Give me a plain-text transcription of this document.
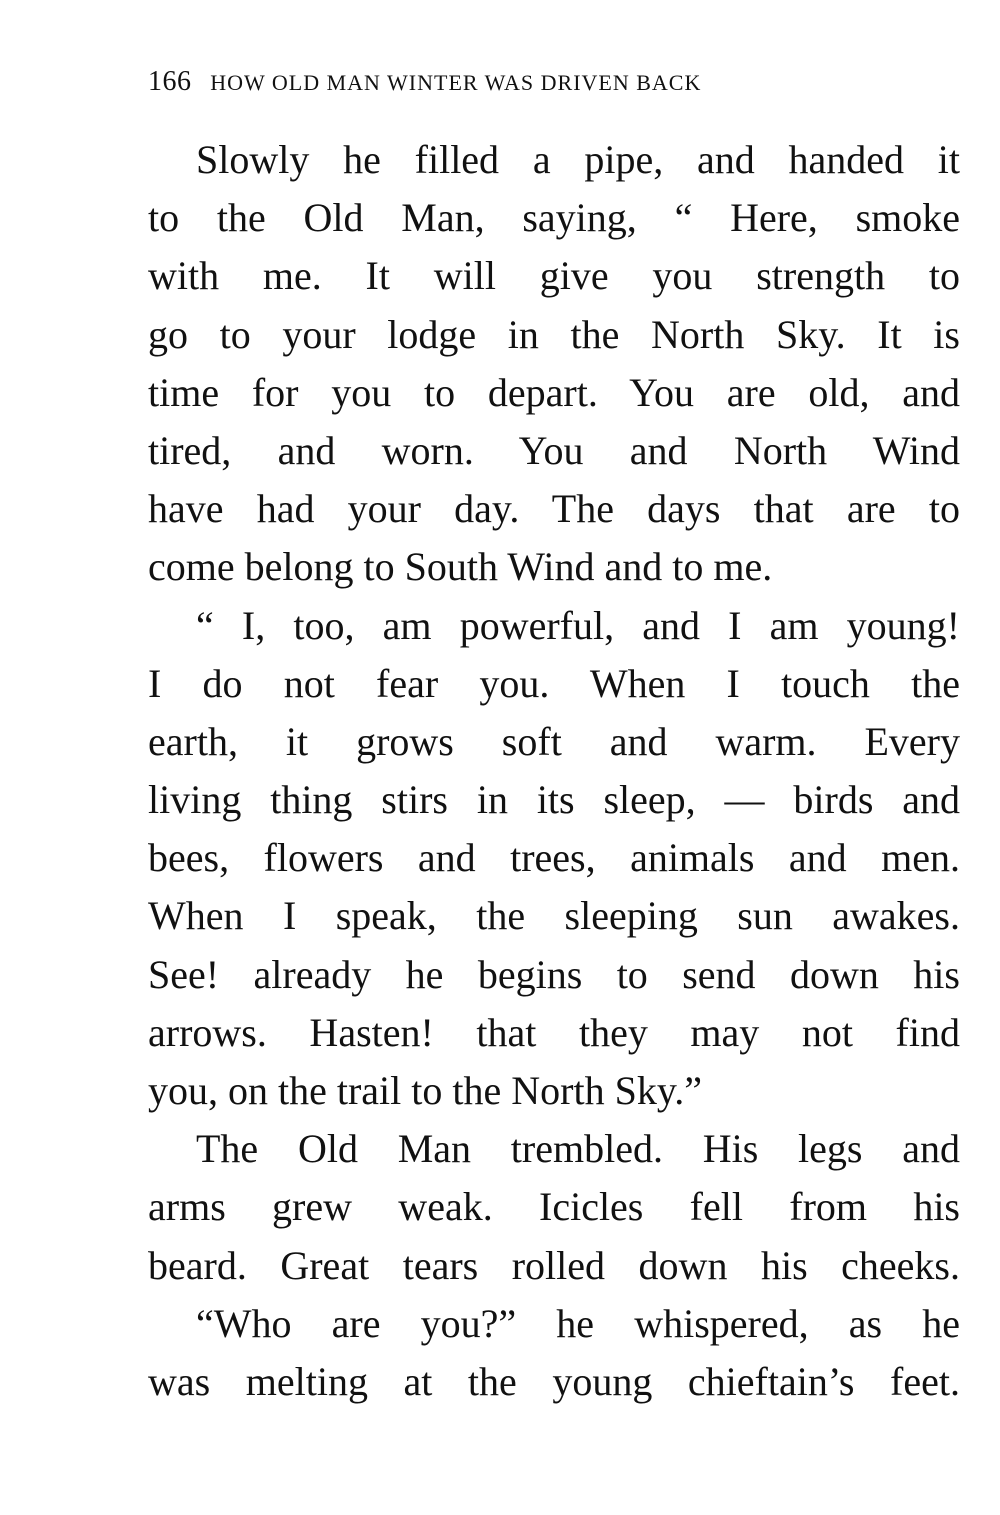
166 HOW OLD MAN WINTER WAS DRIVEN BACK
Slowly he filled a pipe, and handed it
to the Old Man, saying, “ Here, smoke
with me. It will give you strength to
go to your lodge in the North Sky. It is
time for you to depart. You are old, and
tired, and worn. You and North Wind
have had your day. The days that are to
come belong to South Wind and to me.
“ I, too, am powerful, and I am young!
I do not fear you. When I touch the
earth, it grows soft and warm. Every
living thing stirs in its sleep, — birds and
bees, flowers and trees, animals and men.
When I speak, the sleeping sun awakes.
See! already he begins to send down his
arrows. Hasten! that they may not find
you, on the trail to the North Sky.”
The Old Man trembled. His legs and
arms grew weak. Icicles fell from his
beard. Great tears rolled down his cheeks.
“Who are you?” he whispered, as he
was melting at the young chieftain’s feet.
